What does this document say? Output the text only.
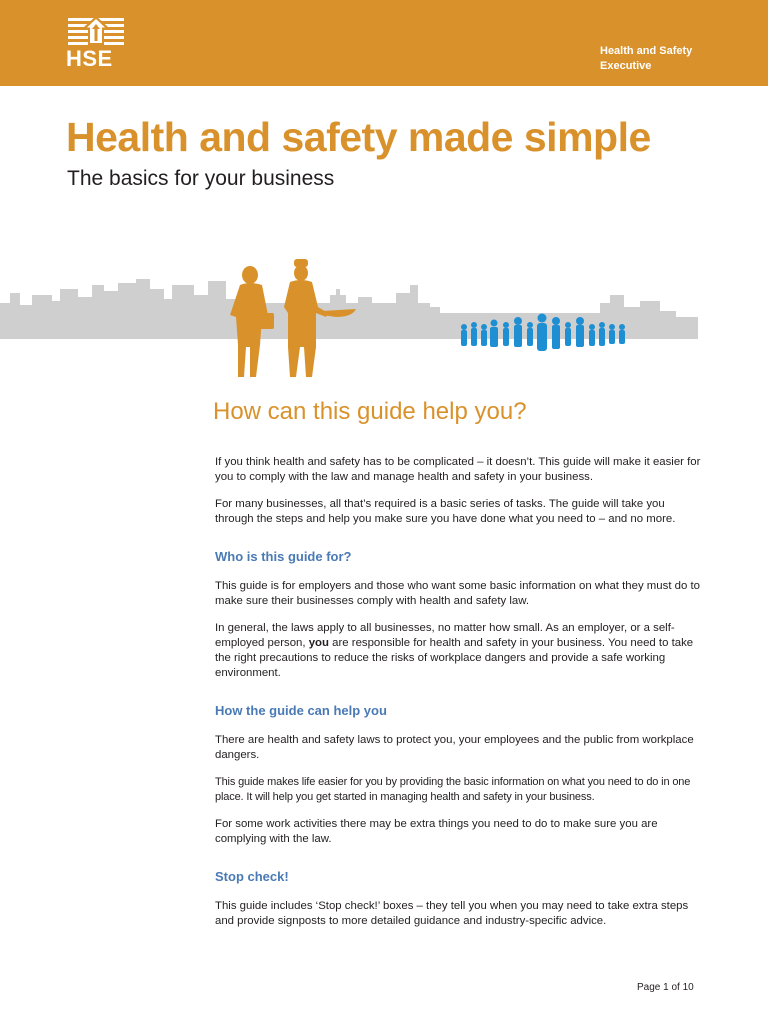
HSE	Health and Safety
Executive
Health and safety made simple

The basics for your business

How can this guide help you?

If you think health and safety has to be complicated – it doesn’t. This guide will make it easier for you to comply with the law and manage health and safety in your business.

For many businesses, all that’s required is a basic series of tasks. The guide will take you through the steps and help you make sure you have done what you need to – and no more.

Who is this guide for?

This guide is for employers and those who want some basic information on what they must do to make sure their businesses comply with health and safety law.

In general, the laws apply to all businesses, no matter how small. As an employer, or a self-employed person, you are responsible for health and safety in your business. You need to take the right precautions to reduce the risks of workplace dangers and provide a safe working environment.

How the guide can help you

There are health and safety laws to protect you, your employees and the public from workplace dangers.

This guide makes life easier for you by providing the basic information on what you need to do in one place. It will help you get started in managing health and safety in your business.

For some work activities there may be extra things you need to do to make sure you are complying with the law.

Stop check!

This guide includes ‘Stop check!’ boxes – they tell you when you may need to take extra steps and provide signposts to more detailed guidance and industry-specific advice.

Page 1 of 10
